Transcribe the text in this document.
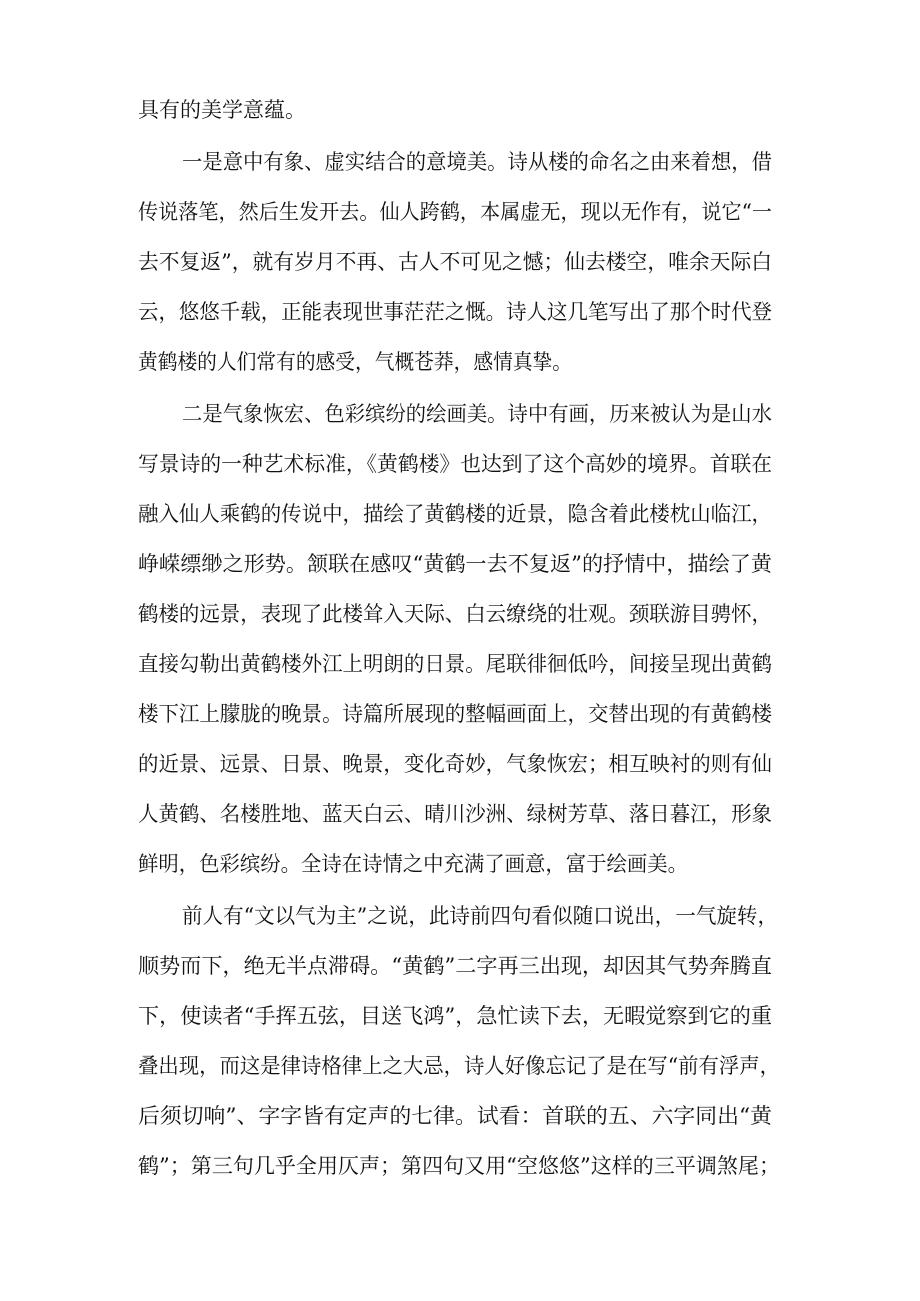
具有的美学意蕴。
一是意中有象、虚实结合的意境美。诗从楼的命名之由来着想，借
传说落笔，然后生发开去。仙人跨鹤，本属虚无，现以无作有，说它“一
去不复返”，就有岁月不再、古人不可见之憾；仙去楼空，唯余天际白
云，悠悠千载，正能表现世事茫茫之慨。诗人这几笔写出了那个时代登
黄鹤楼的人们常有的感受，气概苍莽，感情真挚。
二是气象恢宏、色彩缤纷的绘画美。诗中有画，历来被认为是山水
写景诗的一种艺术标准，《黄鹤楼》也达到了这个高妙的境界。首联在
融入仙人乘鹤的传说中，描绘了黄鹤楼的近景，隐含着此楼枕山临江，
峥嵘缥缈之形势。颔联在感叹“黄鹤一去不复返”的抒情中，描绘了黄
鹤楼的远景，表现了此楼耸入天际、白云缭绕的壮观。颈联游目骋怀，
直接勾勒出黄鹤楼外江上明朗的日景。尾联徘徊低吟，间接呈现出黄鹤
楼下江上朦胧的晚景。诗篇所展现的整幅画面上，交替出现的有黄鹤楼
的近景、远景、日景、晚景，变化奇妙，气象恢宏；相互映衬的则有仙
人黄鹤、名楼胜地、蓝天白云、晴川沙洲、绿树芳草、落日暮江，形象
鲜明，色彩缤纷。全诗在诗情之中充满了画意，富于绘画美。
前人有“文以气为主”之说，此诗前四句看似随口说出，一气旋转，
顺势而下，绝无半点滞碍。“黄鹤”二字再三出现，却因其气势奔腾直
下，使读者“手挥五弦，目送飞鸿”，急忙读下去，无暇觉察到它的重
叠出现，而这是律诗格律上之大忌，诗人好像忘记了是在写“前有浮声，
后须切响”、字字皆有定声的七律。试看：首联的五、六字同出“黄
鹤”；第三句几乎全用仄声；第四句又用“空悠悠”这样的三平调煞尾；
